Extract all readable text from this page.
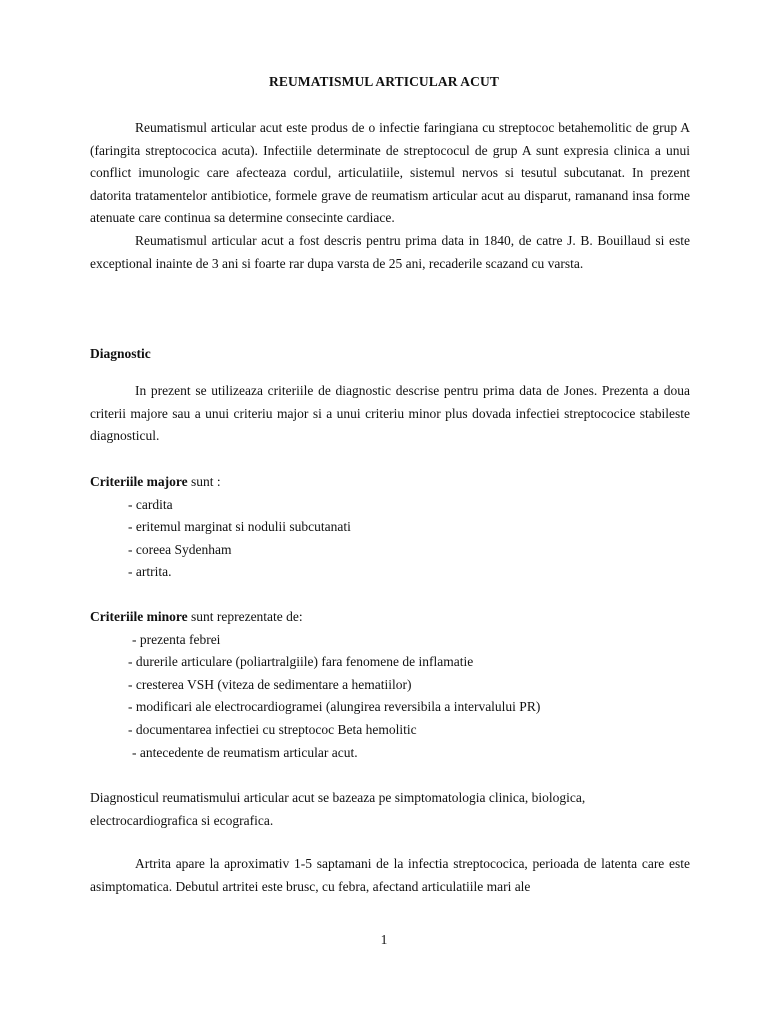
REUMATISMUL ARTICULAR ACUT

Reumatismul articular acut este produs de o infectie faringiana cu streptococ betahemolitic de grup A (faringita streptococica acuta). Infectiile determinate de streptococul de grup A sunt expresia clinica a unui conflict imunologic care afecteaza cordul, articulatiile, sistemul nervos si tesutul subcutanat. In prezent datorita tratamentelor antibiotice, formele grave de reumatism articular acut au disparut, ramanand insa forme atenuate care continua sa determine consecinte cardiace.

Reumatismul articular acut a fost descris pentru prima data in 1840, de catre J. B. Bouillaud si este exceptional inainte de 3 ani si foarte rar dupa varsta de 25 ani, recaderile scazand cu varsta.

Diagnostic

In prezent se utilizeaza criteriile de diagnostic descrise pentru prima data de Jones. Prezenta a doua criterii majore sau a unui criteriu major si a unui criteriu minor plus dovada infectiei streptococice stabileste diagnosticul.

Criteriile majore sunt :

- cardita
- eritemul marginat si nodulii subcutanati
- coreea Sydenham
- artrita.

Criteriile minore sunt reprezentate de:

- prezenta febrei
- durerile articulare (poliartralgiile) fara fenomene de inflamatie
- cresterea VSH (viteza de sedimentare a hematiilor)
- modificari ale electrocardiogramei (alungirea reversibila a intervalului PR)
- documentarea infectiei cu streptococ Beta hemolitic
- antecedente de reumatism articular acut.

Diagnosticul reumatismului articular acut se bazeaza pe simptomatologia clinica, biologica, electrocardiografica si ecografica.

Artrita apare la aproximativ 1-5 saptamani de la infectia streptococica, perioada de latenta care este asimptomatica. Debutul artritei este brusc, cu febra, afectand articulatiile mari ale

1
